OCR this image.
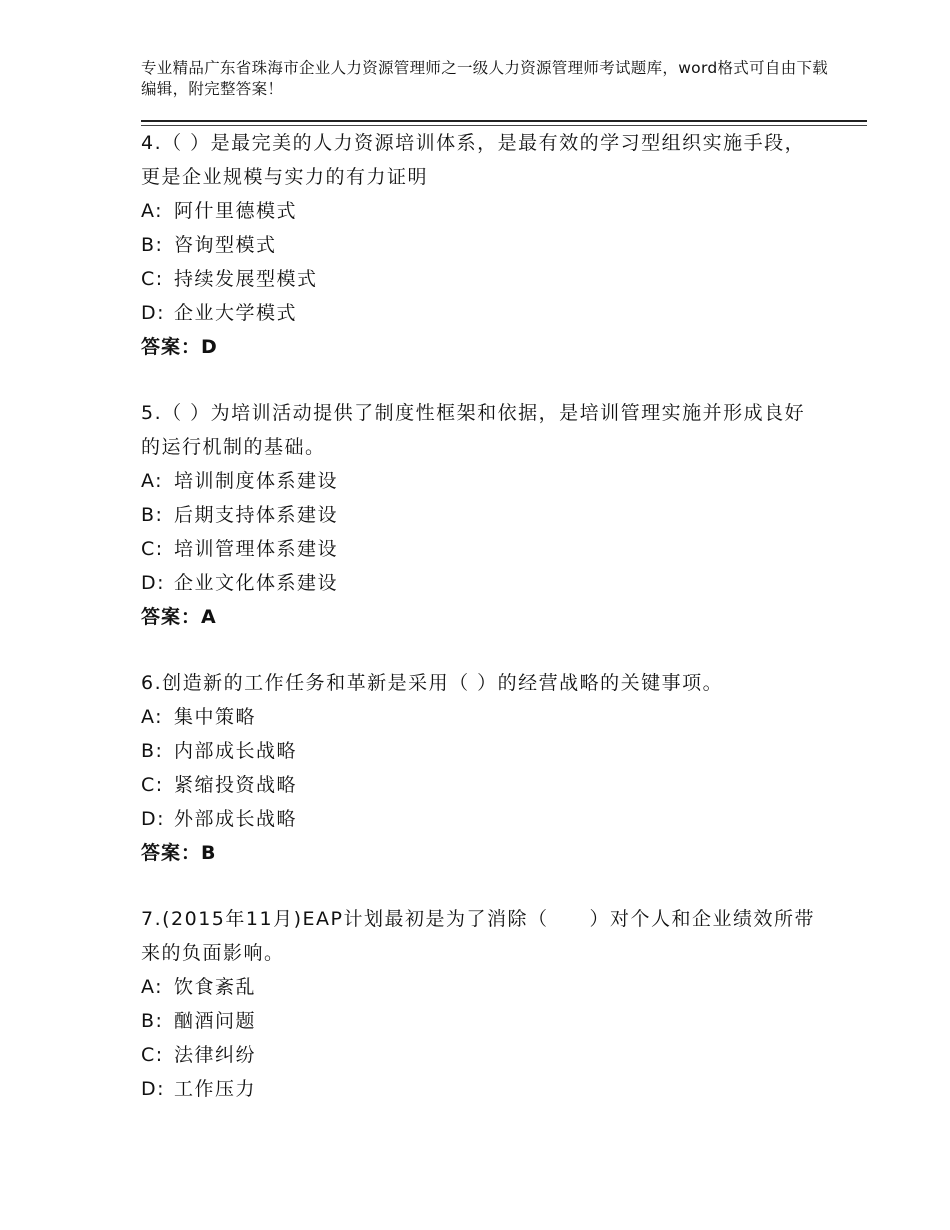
专业精品广东省珠海市企业人力资源管理师之一级人力资源管理师考试题库，word格式可自由下载编辑，附完整答案！

4.（ ）是最完美的人力资源培训体系，是最有效的学习型组织实施手段，更是企业规模与实力的有力证明

A: 阿什里德模式

B: 咨询型模式

C: 持续发展型模式

D: 企业大学模式

答案：D

5.（ ）为培训活动提供了制度性框架和依据，是培训管理实施并形成良好的运行机制的基础。

A: 培训制度体系建设

B: 后期支持体系建设

C: 培训管理体系建设

D: 企业文化体系建设

答案：A

6.创造新的工作任务和革新是采用（ ）的经营战略的关键事项。

A: 集中策略

B: 内部成长战略

C: 紧缩投资战略

D: 外部成长战略

答案：B

7.(2015年11月)EAP计划最初是为了消除（　　）对个人和企业绩效所带来的负面影响。

A: 饮食紊乱

B: 酗酒问题

C: 法律纠纷

D: 工作压力
